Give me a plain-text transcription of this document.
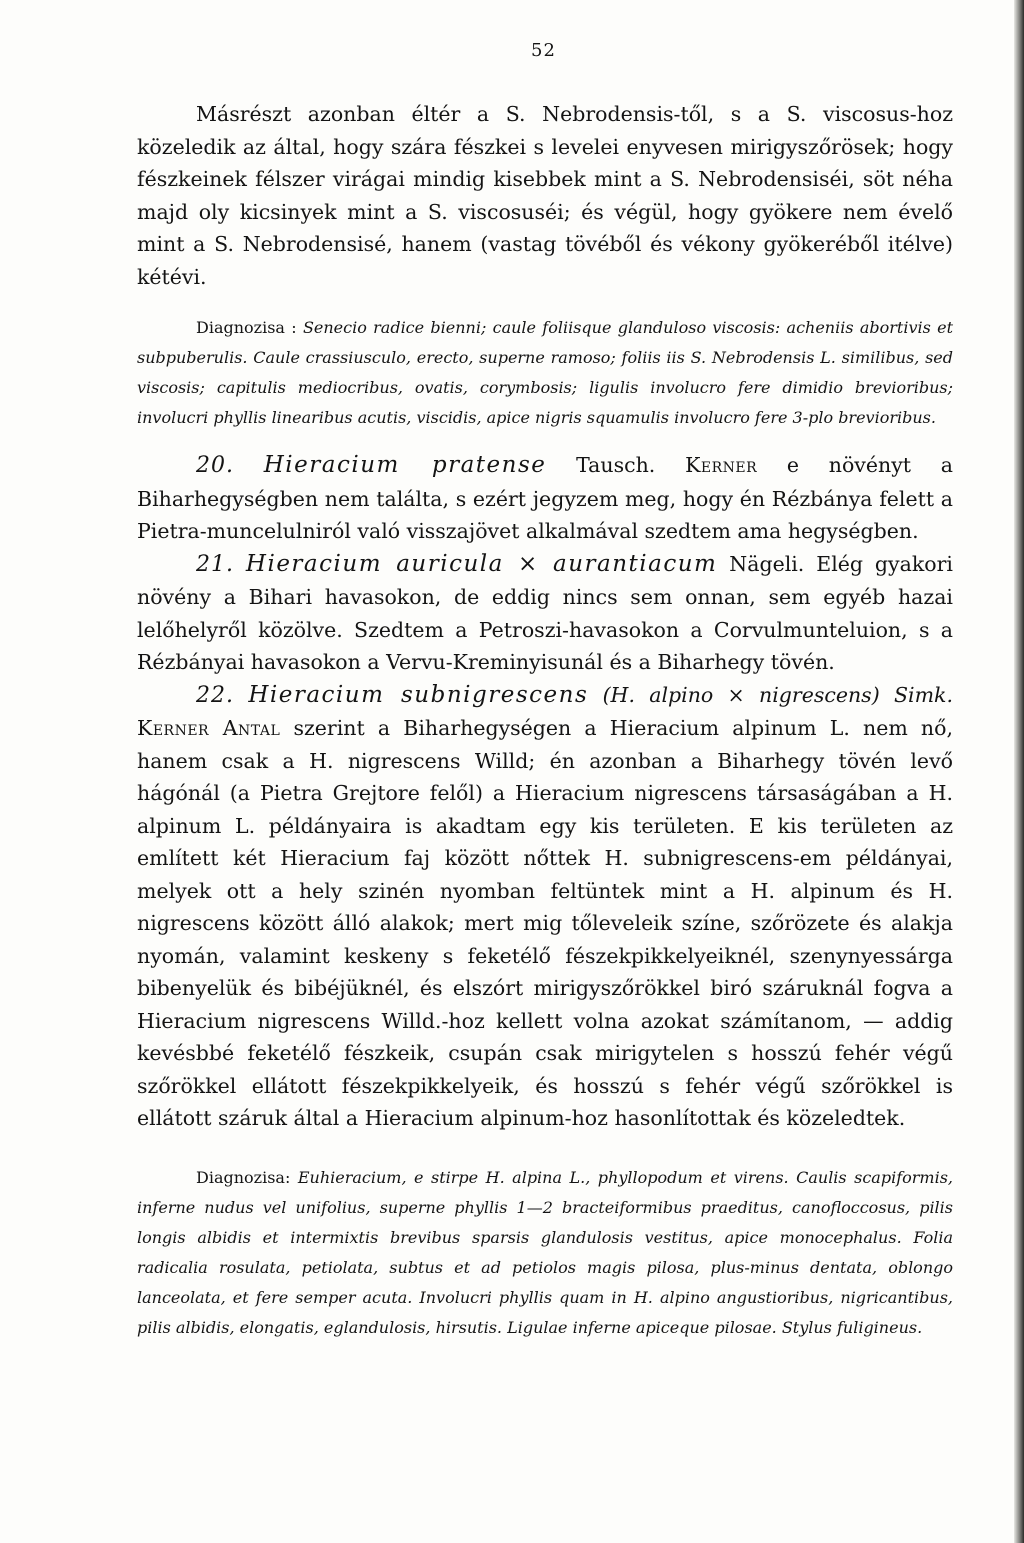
52

Másrészt azonban éltér a S. Nebrodensis-től, s a S. viscosus-hoz közeledik az által, hogy szára fészkei s levelei enyvesen mirigyszőrösek; hogy fészkeinek félszer virágai mindig kisebbek mint a S. Nebrodensiséi, söt néha majd oly kicsinyek mint a S. viscosuséi; és végül, hogy gyökere nem évelő mint a S. Nebrodensisé, hanem (vastag tövéből és vékony gyökeréből itélve) kétévi.

Diagnozisa : Senecio radice bienni; caule foliisque glanduloso viscosis: acheniis abortivis et subpuberulis. Caule crassiusculo, erecto, superne ramoso; foliis iis S. Nebrodensis L. similibus, sed viscosis; capitulis mediocribus, ovatis, corymbosis; ligulis involucro fere dimidio brevioribus; involucri phyllis linearibus acutis, viscidis, apice nigris squamulis involucro fere 3-plo brevioribus.

20. Hieracium pratense Tausch. Kerner e növényt a Biharhegységben nem találta, s ezért jegyzem meg, hogy én Rézbánya felett a Pietra-muncelulniról való visszajövet alkalmával szedtem ama hegységben.

21. Hieracium auricula × aurantiacum Nägeli. Elég gyakori növény a Bihari havasokon, de eddig nincs sem onnan, sem egyéb hazai lelőhelyről közölve. Szedtem a Petroszi-havasokon a Corvulmunteluion, s a Rézbányai havasokon a Vervu-Kreminyisunál és a Biharhegy tövén.

22. Hieracium subnigrescens (H. alpino × nigrescens) Simk. Kerner Antal szerint a Biharhegységen a Hieracium alpinum L. nem nő, hanem csak a H. nigrescens Willd; én azonban a Biharhegy tövén levő hágónál (a Pietra Grejtore felől) a Hieracium nigrescens társaságában a H. alpinum L. példányaira is akadtam egy kis területen. E kis területen az említett két Hieracium faj között nőttek H. subnigrescens-em példányai, melyek ott a hely szinén nyomban feltüntek mint a H. alpinum és H. nigrescens között álló alakok; mert mig tőleveleik színe, szőrözete és alakja nyomán, valamint keskeny s feketélő fészekpikkelyeiknél, szenynyessárga bibenyelük és bibéjüknél, és elszórt mirigyszőrökkel biró száruknál fogva a Hieracium nigrescens Willd.-hoz kellett volna azokat számítanom, — addig kevésbbé feketélő fészkeik, csupán csak mirigytelen s hosszú fehér végű szőrökkel ellátott fészekpikkelyeik, és hosszú s fehér végű szőrökkel is ellátott száruk által a Hieracium alpinum-hoz hasonlítottak és közeledtek.

Diagnozisa: Euhieracium, e stirpe H. alpina L., phyllopodum et virens. Caulis scapiformis, inferne nudus vel unifolius, superne phyllis 1—2 bracteiformibus praeditus, canofloccosus, pilis longis albidis et intermixtis brevibus sparsis glandulosis vestitus, apice monocephalus. Folia radicalia rosulata, petiolata, subtus et ad petiolos magis pilosa, plus-minus dentata, oblongo lanceolata, et fere semper acuta. Involucri phyllis quam in H. alpino angustioribus, nigricantibus, pilis albidis, elongatis, eglandulosis, hirsutis. Ligulae inferne apiceque pilosae. Stylus fuligineus.
